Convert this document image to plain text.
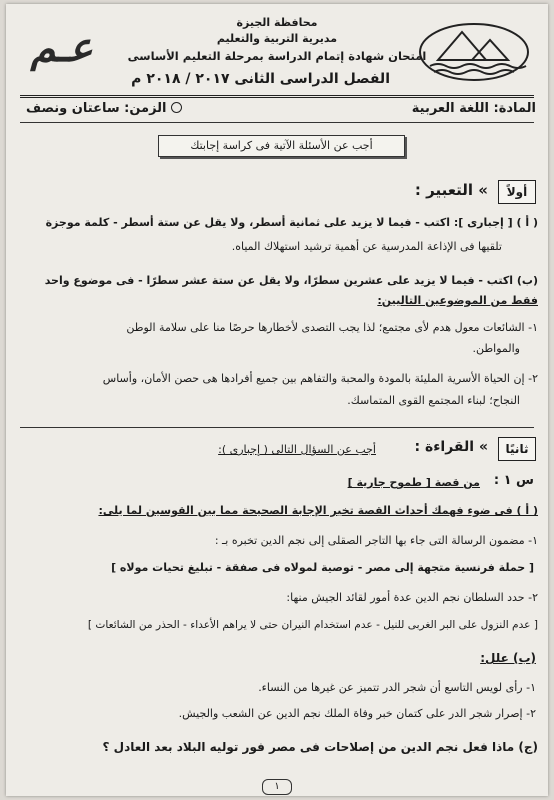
ع‍ـم
محافظة الجيزة
مديرية التربية والتعليم
امتحان شهادة إتمام الدراسة بمرحلة التعليم الأساسى
الفصل الدراسى الثانى ٢٠١٧ / ٢٠١٨ م
المادة: اللغة العربية
الزمن: ساعتان ونصف
أجب عن الأسئلة الآتية فى كراسة إجابتك
أولاً
» التعبير :
( أ ) [ إجبارى ]: اكتب - فيما لا يزيد على ثمانية أسطر، ولا يقل عن ستة أسطر - كلمة موجزة
تلقيها فى الإذاعة المدرسية عن أهمية ترشيد استهلاك المياه.
(ب) اكتب - فيما لا يزيد على عشرين سطرًا، ولا يقل عن ستة عشر سطرًا - فى موضوع واحد
فقط من الموضوعين التاليين:
١- الشائعات معول هدم لأى مجتمع؛ لذا يجب التصدى لأخطارها حرصًا منا على سلامة الوطن
والمواطن.
٢- إن الحياة الأسرية المليئة بالمودة والمحبة والتفاهم بين جميع أفرادها هى حصن الأمان، وأساس
النجاح؛ لبناء المجتمع القوى المتماسك.
ثانيًا
» القراءة :
أجب عن السؤال التالى ( إجبارى ):
س ١ :
من قصة [ طموح جارية ]
( أ ) فى ضوء فهمك أحداث القصة تخير الإجابة الصحيحة مما بين القوسين لما يلى:
١- مضمون الرسالة التى جاء بها التاجر الصقلى إلى نجم الدين تخبره بـ :
[ حملة فرنسية متجهة إلى مصر - توصية لمولاه فى صفقة - تبليغ تحيات مولاه ]
٢- حدد السلطان نجم الدين عدة أمور لقائد الجيش منها:
[ عدم النزول على البر الغربى للنيل - عدم استخدام النيران حتى لا يراهم الأعداء - الحذر من الشائعات ]
(ب) علل:
١- رأى لويس التاسع أن شجر الدر تتميز عن غيرها من النساء.
٢- إصرار شجر الدر على كتمان خبر وفاة الملك نجم الدين عن الشعب والجيش.
(ج) ماذا فعل نجم الدين من إصلاحات فى مصر فور توليه البلاد بعد العادل ؟
١
